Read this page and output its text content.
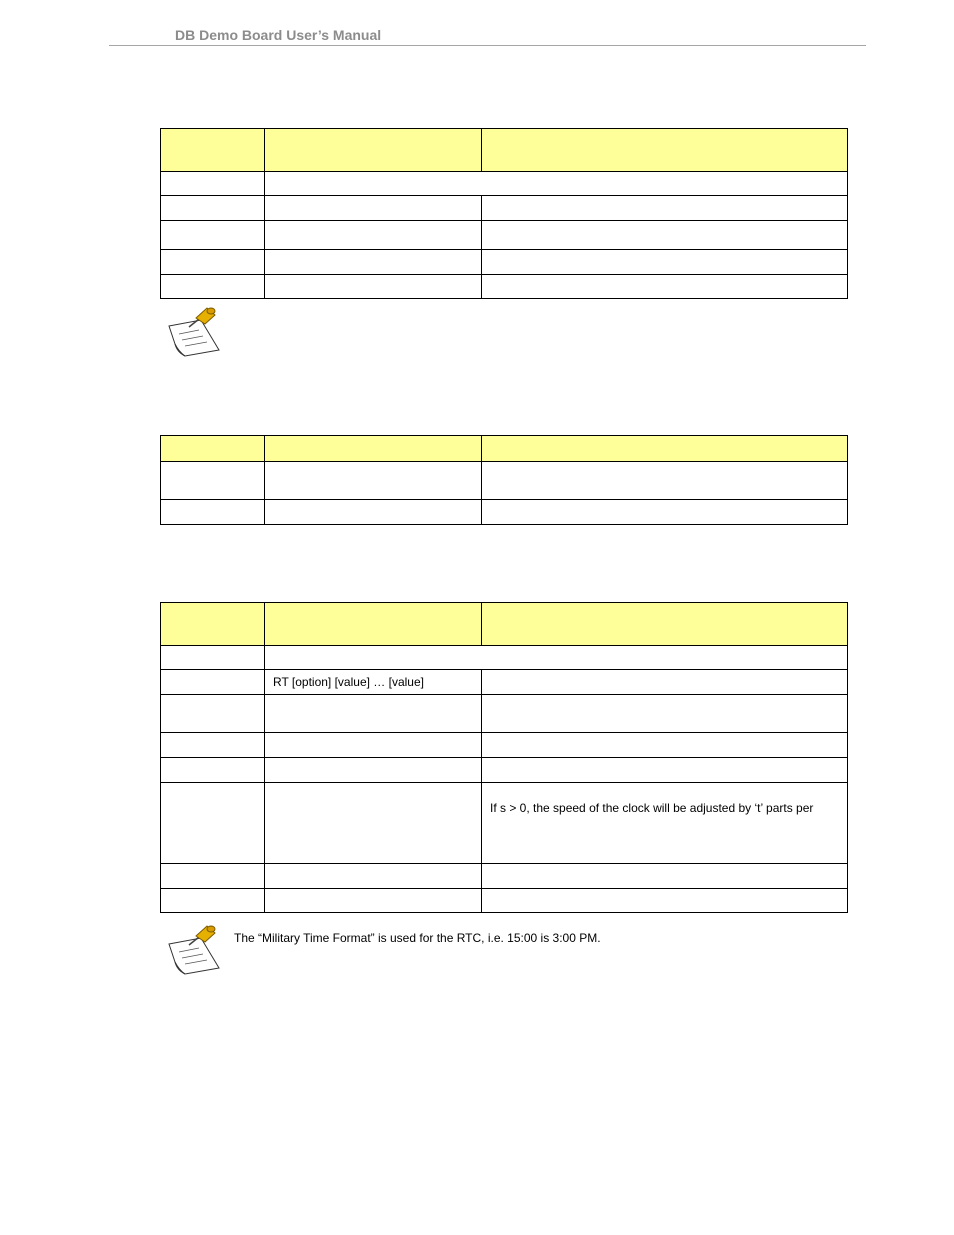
DB Demo Board User’s Manual

	RT [option] [value] … [value]	

		If s > 0, the speed of the clock will be adjusted by ‘t’ parts per

The “Military Time Format” is used for the RTC, i.e. 15:00 is 3:00 PM.
